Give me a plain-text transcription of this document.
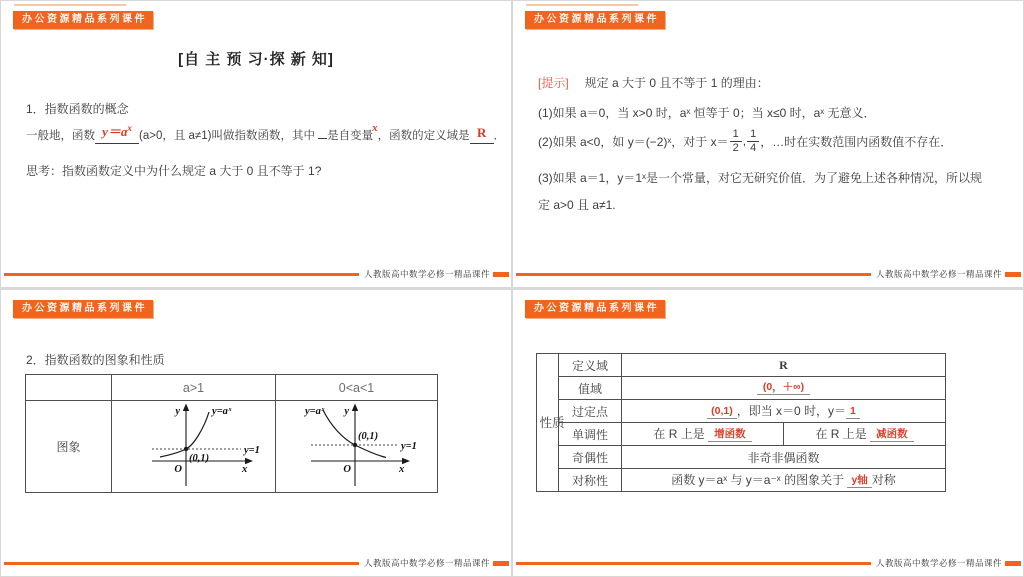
办公资源精品系列课件
[自 主 预 习·探 新 知]
1．指数函数的概念
一般地，函数 $y=a^x(a>0$，且 a≠1)叫做指数函数，其中 是自变量x，函数的定义域是 R ．
思考：指数函数定义中为什么规定 a 大于 0 且不等于 1?
人教版高中数学必修一精品课件
办公资源精品系列课件
[提示] 规定 a 大于 0 且不等于 1 的理由：
(1)如果 a＝0，当 x>0 时，aˣ 恒等于 0；当 x≤0 时，aˣ 无意义．
(2)如果 a<0，如 y＝(−2)ˣ，对于 $x= \frac{1}{2}$ , $\frac{1}{4}$ ，…时在实数范围内函数值不存在．
(3)如果 a＝1，y＝1ˣ是一个常量，对它无研究价值．为了避免上述各种情况，所以规
定 a>0 且 a≠1.
人教版高中数学必修一精品课件
办公资源精品系列课件
2．指数函数的图象和性质
	a>1	0<a<1
图象	
y
x
O
y=1
(0,1)
y=aˣ	y
x
O
y=1
(0,1)
y=aˣ
人教版高中数学必修一精品课件
办公资源精品系列课件
性质	定义域	R	
	值域	(0，＋∞)	
	过定点	(0,1) ，即当 x＝0 时，y＝ 1	
	单调性	在 R 上是 增函数	在 R 上是 减函数
	奇偶性	非奇非偶函数	
	对称性	函数 y＝aˣ 与 y＝a⁻ˣ 的图象关于 y轴 对称	
人教版高中数学必修一精品课件
